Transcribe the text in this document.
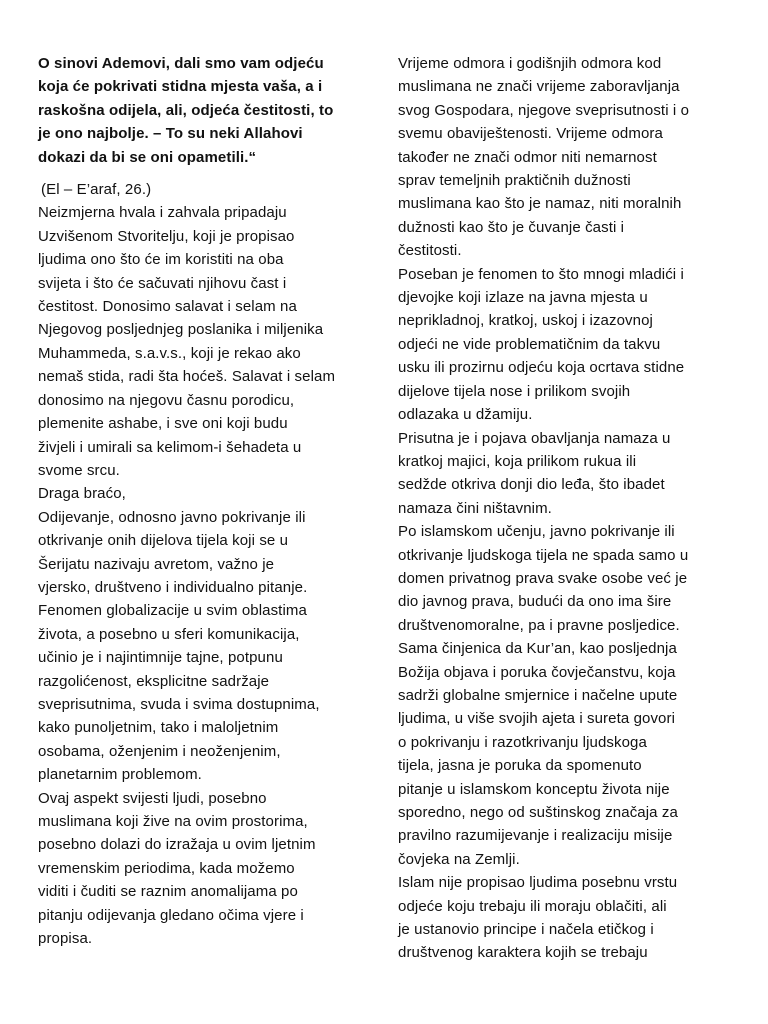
O sinovi Ademovi, dali smo vam odjeću
koja će pokrivati stidna mjesta vaša, a i
raskošna odijela, ali, odjeća čestitosti, to
je ono najbolje. – To su neki Allahovi
dokazi da bi se oni opametili.“
(El – E’araf, 26.)
Neizmjerna hvala i zahvala pripadaju
Uzvišenom Stvoritelju, koji je propisao
ljudima ono što će im koristiti na oba
svijeta i što će sačuvati njihovu čast i
čestitost. Donosimo salavat i selam na
Njegovog posljednjeg poslanika i miljenika
Muhammeda, s.a.v.s., koji je rekao ako
nemaš stida, radi šta hoćeš. Salavat i selam
donosimo na njegovu časnu porodicu,
plemenite ashabe, i sve oni koji budu
živjeli i umirali sa kelimom-i šehadeta u
svome srcu.
Draga braćo,
Odijevanje, odnosno javno pokrivanje ili
otkrivanje onih dijelova tijela koji se u
Šerijatu nazivaju avretom, važno je
vjersko, društveno i individualno pitanje.
Fenomen globalizacije u svim oblastima
života, a posebno u sferi komunikacija,
učinio je i najintimnije tajne, potpunu
razgolićenost, eksplicitne sadržaje
sveprisutnima, svuda i svima dostupnima,
kako punoljetnim, tako i maloljetnim
osobama, oženjenim i neoženjenim,
planetarnim problemom.
Ovaj aspekt svijesti ljudi, posebno
muslimana koji žive na ovim prostorima,
posebno dolazi do izražaja u ovim ljetnim
vremenskim periodima, kada možemo
viditi i čuditi se raznim anomalijama po
pitanju odijevanja gledano očima vjere i
propisa.
Vrijeme odmora i godišnjih odmora kod
muslimana ne znači vrijeme zaboravljanja
svog Gospodara, njegove sveprisutnosti i o
svemu obaviještenosti. Vrijeme odmora
također ne znači odmor niti nemarnost
sprav temeljnih praktičnih dužnosti
muslimana kao što je namaz, niti moralnih
dužnosti kao što je čuvanje časti i
čestitosti.
Poseban je fenomen to što mnogi mladići i
djevojke koji izlaze na javna mjesta u
neprikladnoj, kratkoj, uskoj i izazovnoj
odjeći ne vide problematičnim da takvu
usku ili prozirnu odjeću koja ocrtava stidne
dijelove tijela nose i prilikom svojih
odlazaka u džamiju.
Prisutna je i pojava obavljanja namaza u
kratkoj majici, koja prilikom rukua ili
sedžde otkriva donji dio leđa, što ibadet
namaza čini ništavnim.
Po islamskom učenju, javno pokrivanje ili
otkrivanje ljudskoga tijela ne spada samo u
domen privatnog prava svake osobe već je
dio javnog prava, budući da ono ima šire
društvenomoralne, pa i pravne posljedice.
Sama činjenica da Kur’an, kao posljednja
Božija objava i poruka čovječanstvu, koja
sadrži globalne smjernice i načelne upute
ljudima, u više svojih ajeta i sureta govori
o pokrivanju i razotkrivanju ljudskoga
tijela, jasna je poruka da spomenuto
pitanje u islamskom konceptu života nije
sporedno, nego od suštinskog značaja za
pravilno razumijevanje i realizaciju misije
čovjeka na Zemlji.
Islam nije propisao ljudima posebnu vrstu
odjeće koju trebaju ili moraju oblačiti, ali
je ustanovio principe i načela etičkog i
društvenog karaktera kojih se trebaju
